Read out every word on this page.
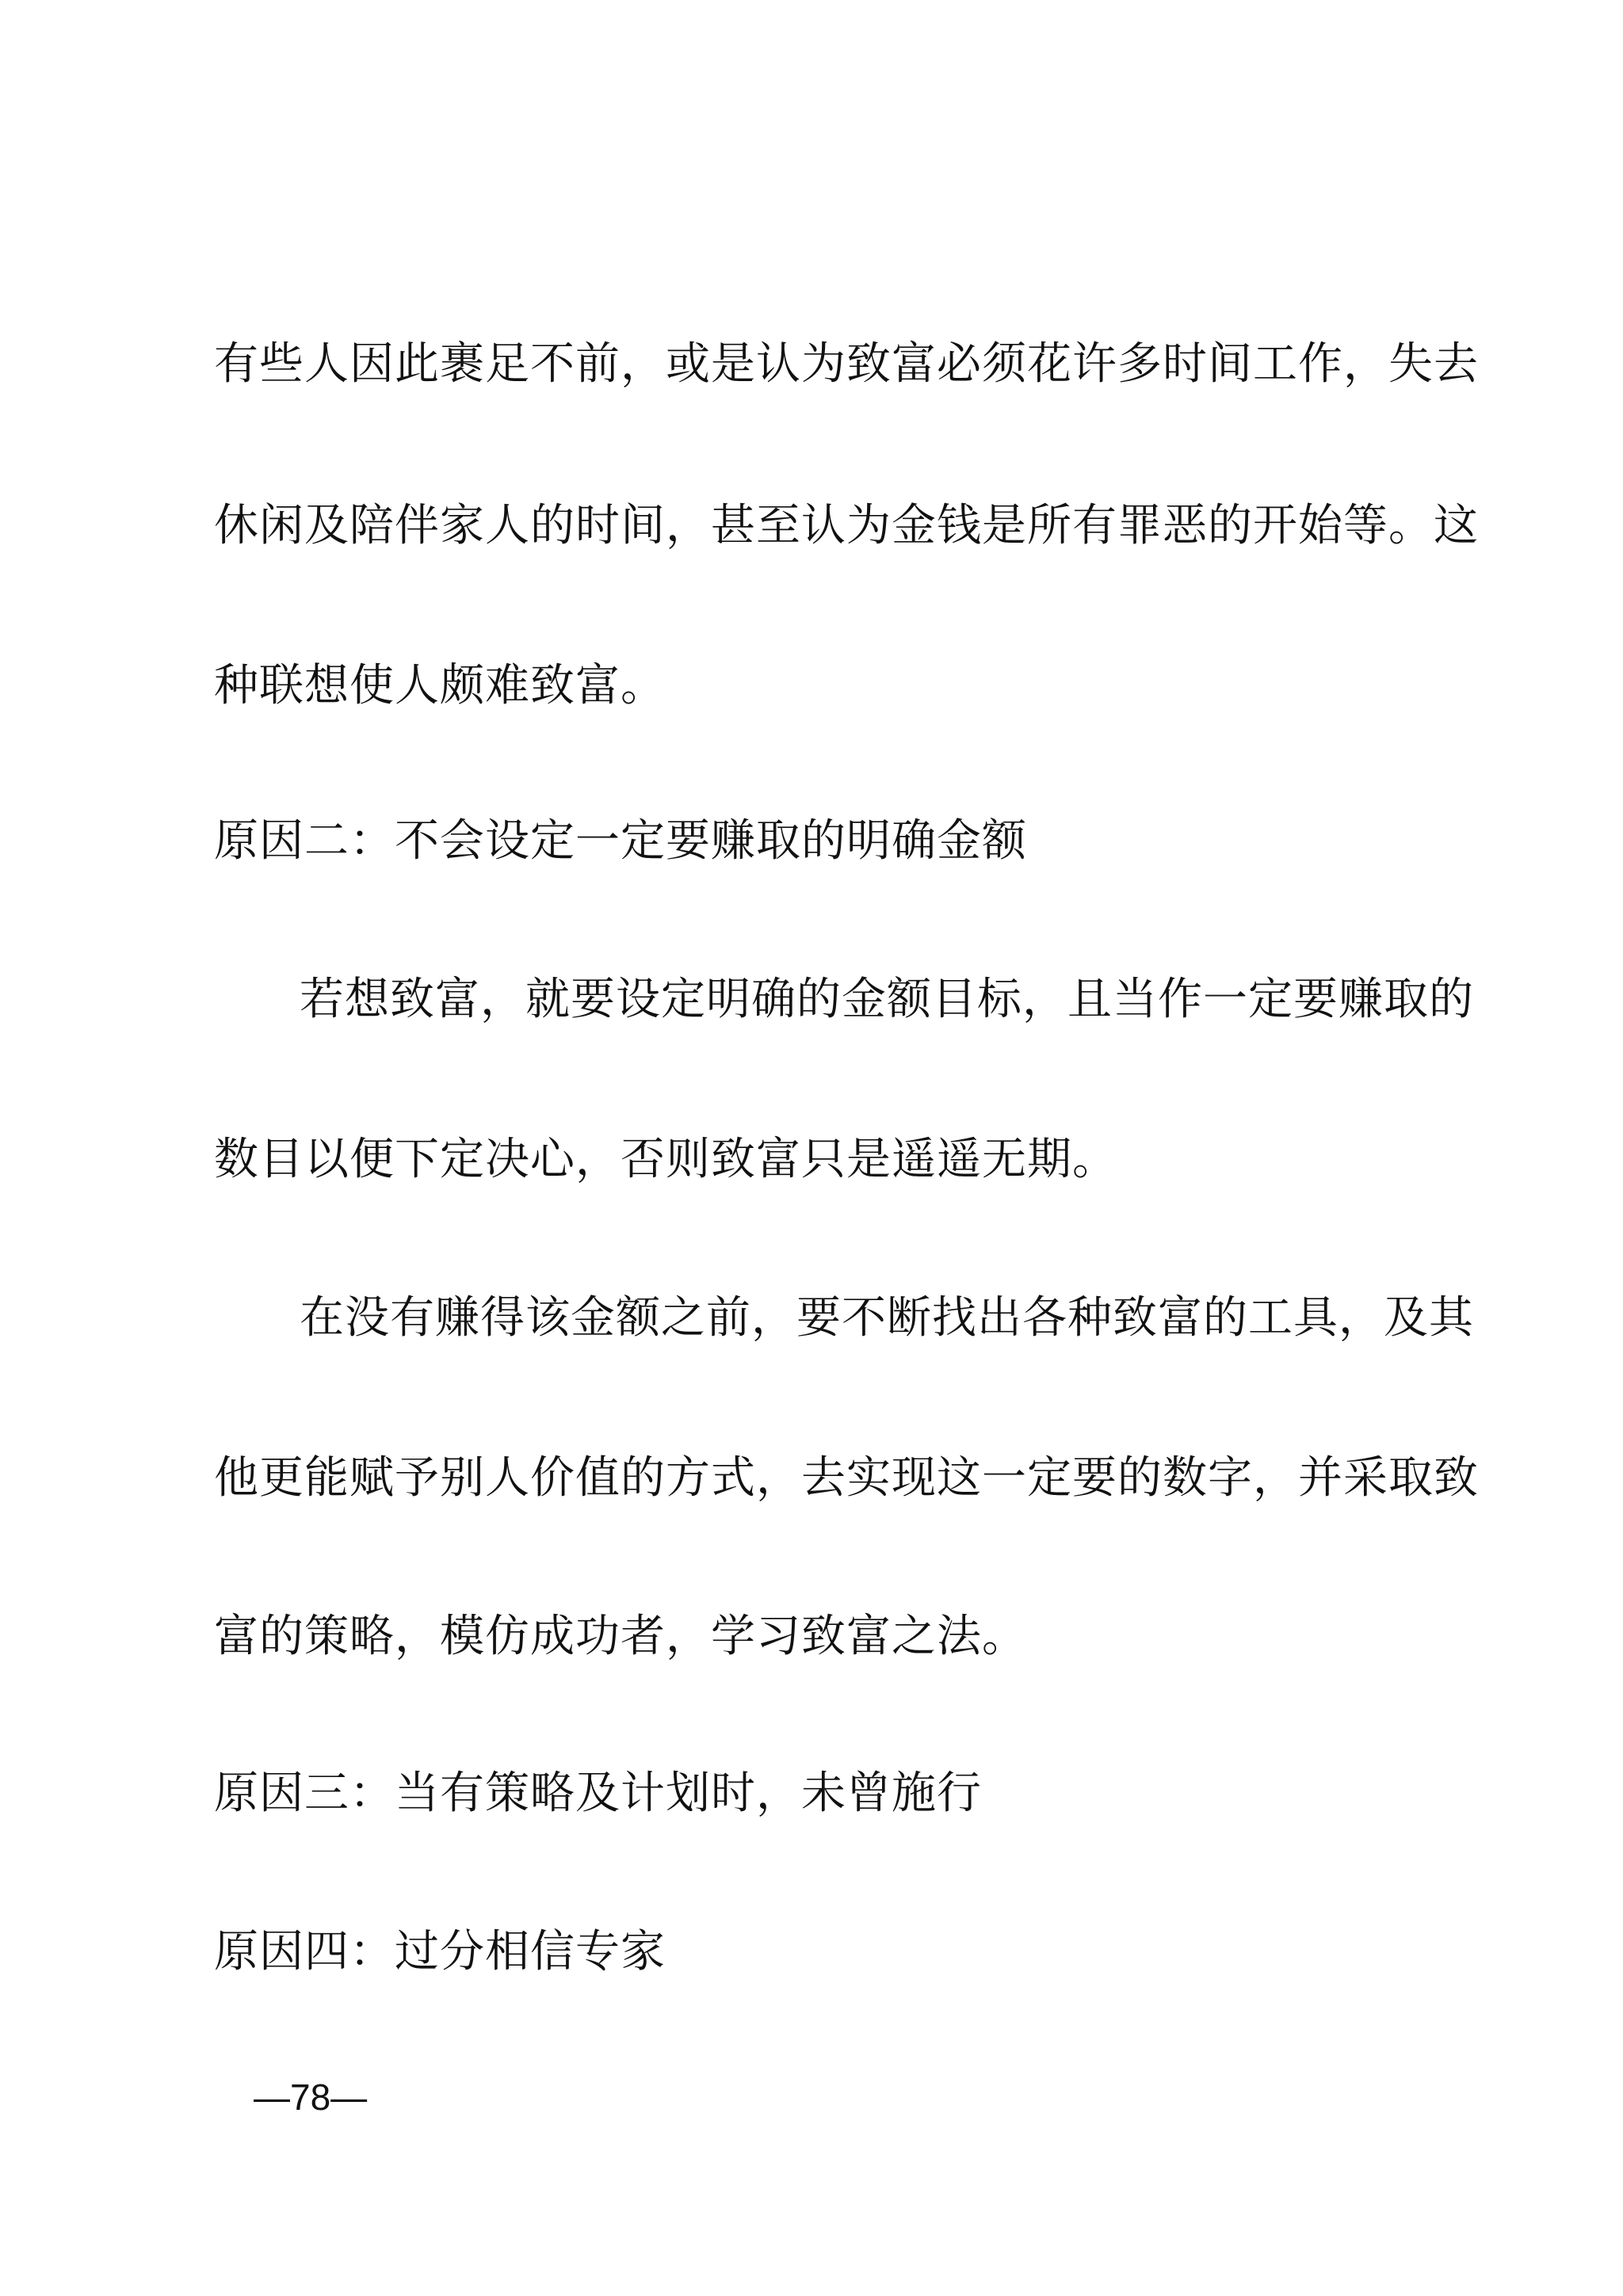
有些人因此裹足不前，或是认为致富必须花许多时间工作，失去
休闲及陪伴家人的时间，甚至认为金钱是所有罪恶的开始等。这
种联想使人颇难致富。
原因二：不会设定一定要赚取的明确金额
若想致富，就要设定明确的金额目标，且当作一定要赚取的
数目以便下定决心，否则致富只是遥遥无期。
在没有赚得该金额之前，要不断找出各种致富的工具，及其
他更能赋予别人价值的方式，去实现这一定要的数字，并采取致
富的策略，模仿成功者，学习致富之法。
原因三：当有策略及计划时，未曾施行
原因四：过分相信专家
—78—
